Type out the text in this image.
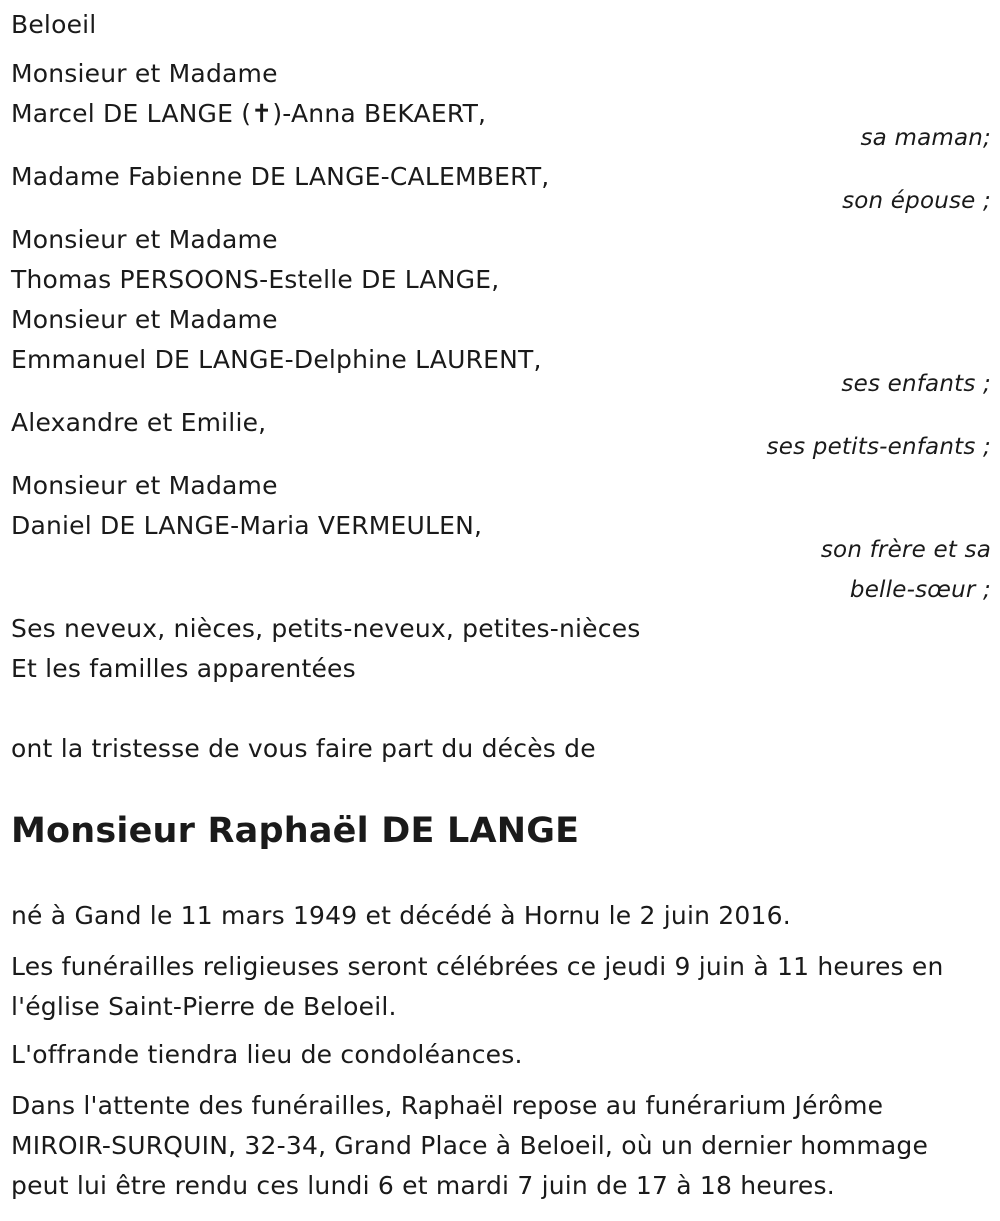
Beloeil
Monsieur et Madame
Marcel DE LANGE (✝)-Anna BEKAERT,
sa maman;
Madame Fabienne DE LANGE-CALEMBERT,
son épouse ;
Monsieur et Madame
Thomas PERSOONS-Estelle DE LANGE,
Monsieur et Madame
Emmanuel DE LANGE-Delphine LAURENT,
ses enfants ;
Alexandre et Emilie,
ses petits-enfants ;
Monsieur et Madame
Daniel DE LANGE-Maria VERMEULEN,
son frère et sa
belle-sœur ;
Ses neveux, nièces, petits-neveux, petites-nièces
Et les familles apparentées
ont la tristesse de vous faire part du décès de
Monsieur Raphaël DE LANGE
né à Gand le 11 mars 1949 et décédé à Hornu le 2 juin 2016.
Les funérailles religieuses seront célébrées ce jeudi 9 juin à 11 heures en
l'église Saint-Pierre de Beloeil.
L'offrande tiendra lieu de condoléances.
Dans l'attente des funérailles, Raphaël repose au funérarium Jérôme
MIROIR-SURQUIN, 32-34, Grand Place à Beloeil, où un dernier hommage
peut lui être rendu ces lundi 6 et mardi 7 juin de 17 à 18 heures.
